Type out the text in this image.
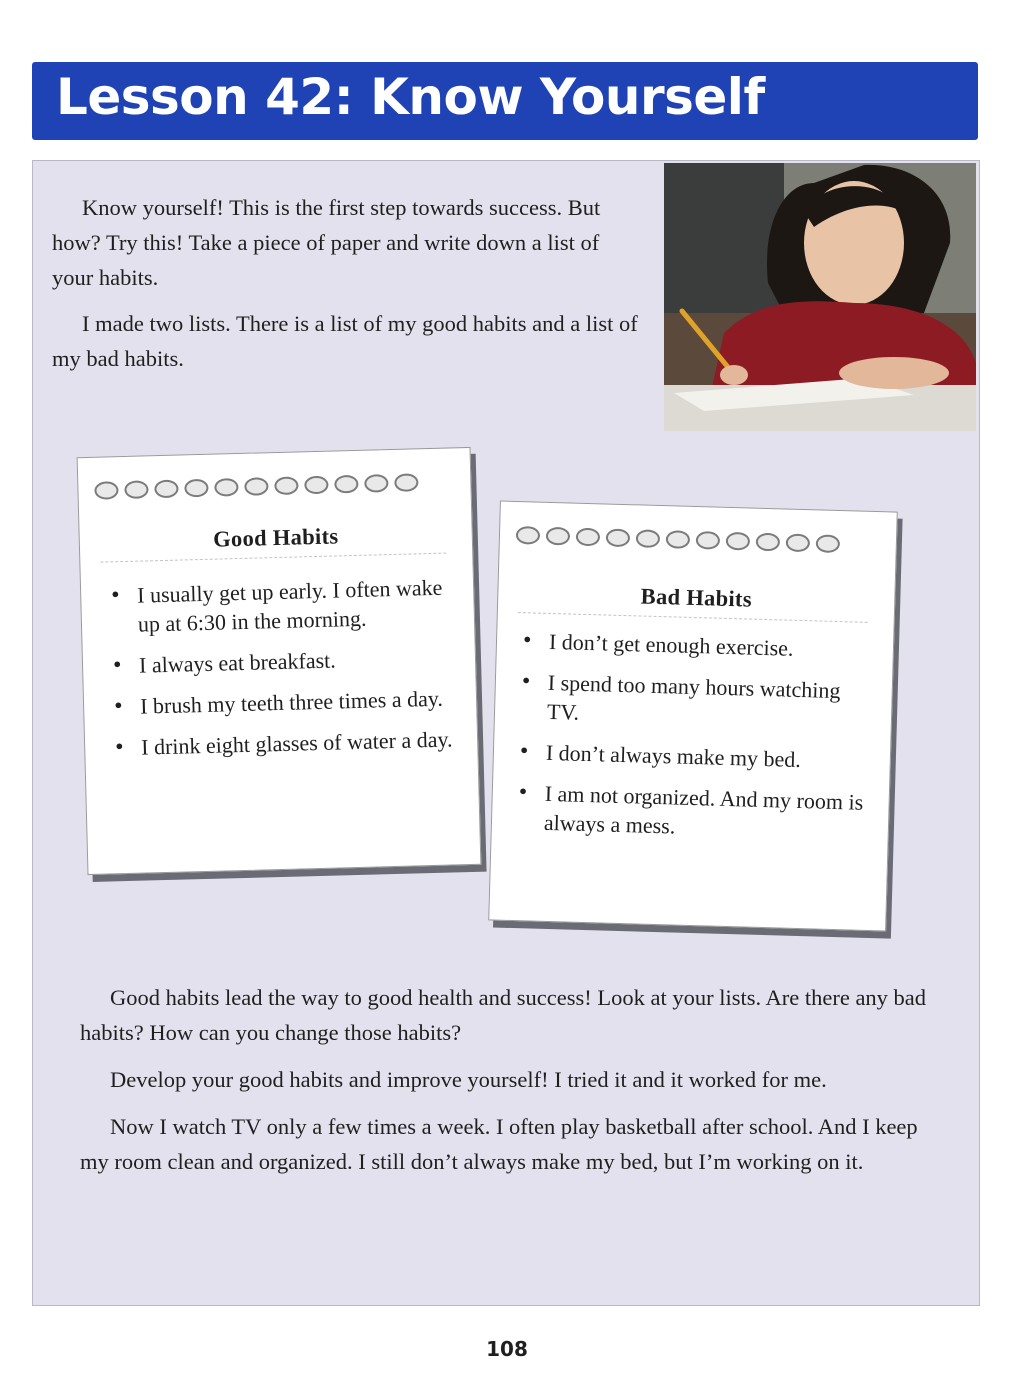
Lesson 42: Know Yourself

Know yourself! This is the first step towards success. But how? Try this! Take a piece of paper and write down a list of your habits.

I made two lists. There is a list of my good habits and a list of my bad habits.

Good Habits
• I usually get up early. I often wake up at 6:30 in the morning.
• I always eat breakfast.
• I brush my teeth three times a day.
• I drink eight glasses of water a day.
Bad Habits
• I don’t get enough exercise.
• I spend too many hours watching TV.
• I don’t always make my bed.
• I am not organized. And my room is always a mess.

Good habits lead the way to good health and success! Look at your lists. Are there any bad habits? How can you change those habits?

Develop your good habits and improve yourself! I tried it and it worked for me.

Now I watch TV only a few times a week. I often play basketball after school. And I keep my room clean and organized. I still don’t always make my bed, but I’m working on it.

108
